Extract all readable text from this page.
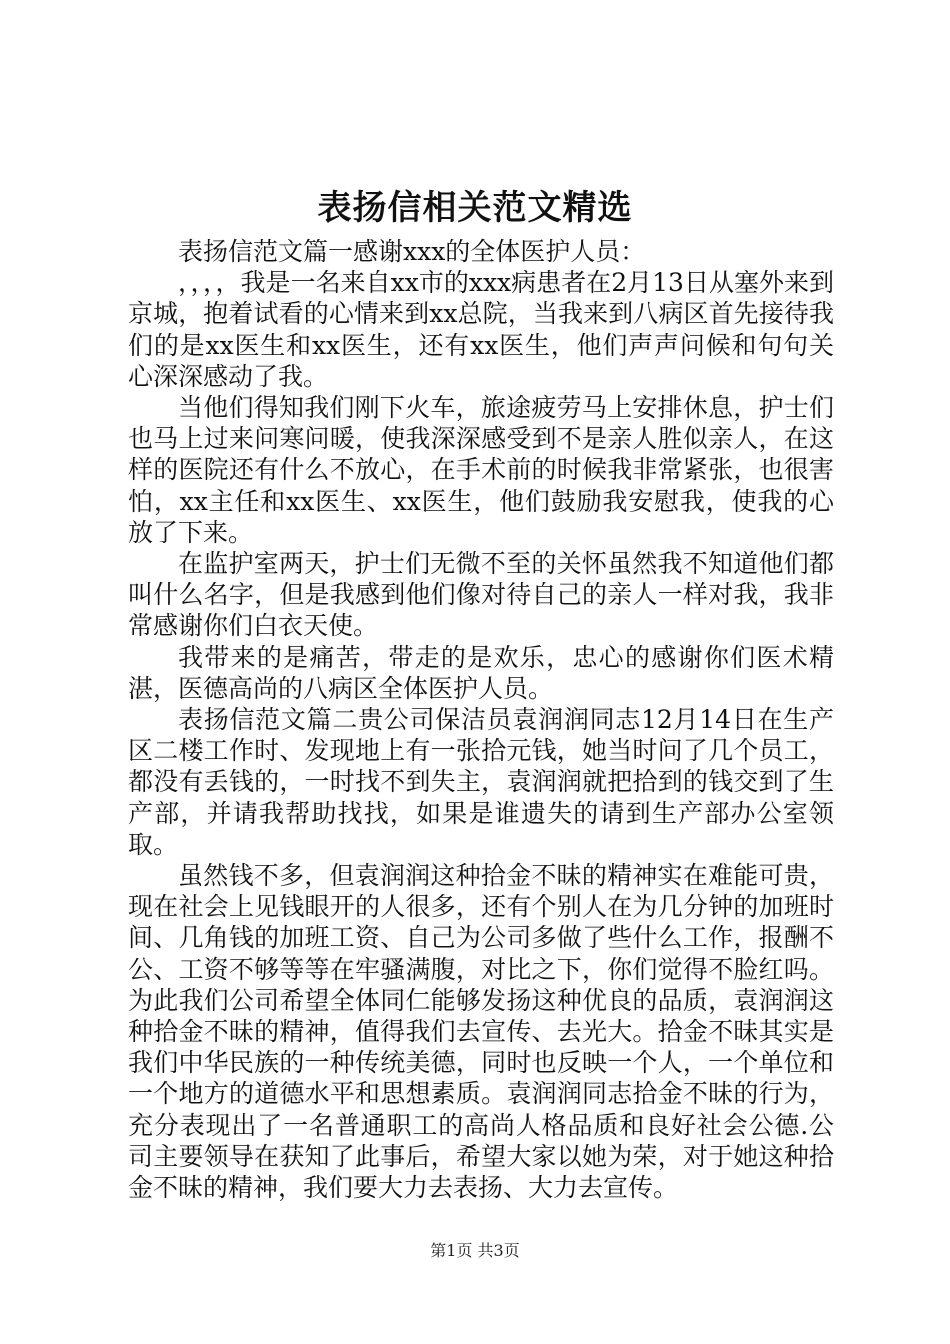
表扬信相关范文精选

表扬信范文篇一感谢xxx的全体医护人员：

，，，，我是一名来自xx市的xxx病患者在2月13日从塞外来到京城，抱着试看的心情来到xx总院，当我来到八病区首先接待我们的是xx医生和xx医生，还有xx医生，他们声声问候和句句关心深深感动了我。

当他们得知我们刚下火车，旅途疲劳马上安排休息，护士们也马上过来问寒问暖，使我深深感受到不是亲人胜似亲人，在这样的医院还有什么不放心，在手术前的时候我非常紧张，也很害怕，xx主任和xx医生、xx医生，他们鼓励我安慰我，使我的心放了下来。

在监护室两天，护士们无微不至的关怀虽然我不知道他们都叫什么名字，但是我感到他们像对待自己的亲人一样对我，我非常感谢你们白衣天使。

我带来的是痛苦，带走的是欢乐，忠心的感谢你们医术精湛，医德高尚的八病区全体医护人员。

表扬信范文篇二贵公司保洁员袁润润同志12月14日在生产区二楼工作时、发现地上有一张拾元钱，她当时问了几个员工，都没有丢钱的，一时找不到失主，袁润润就把拾到的钱交到了生产部，并请我帮助找找，如果是谁遗失的请到生产部办公室领取。

虽然钱不多，但袁润润这种拾金不昧的精神实在难能可贵，现在社会上见钱眼开的人很多，还有个别人在为几分钟的加班时间、几角钱的加班工资、自己为公司多做了些什么工作，报酬不公、工资不够等等在牢骚满腹，对比之下，你们觉得不脸红吗。为此我们公司希望全体同仁能够发扬这种优良的品质，袁润润这种拾金不昧的精神，值得我们去宣传、去光大。拾金不昧其实是我们中华民族的一种传统美德，同时也反映一个人，一个单位和一个地方的道德水平和思想素质。袁润润同志拾金不昧的行为，充分表现出了一名普通职工的高尚人格品质和良好社会公德.公司主要领导在获知了此事后，希望大家以她为荣，对于她这种拾金不昧的精神，我们要大力去表扬、大力去宣传。

第1页 共3页
